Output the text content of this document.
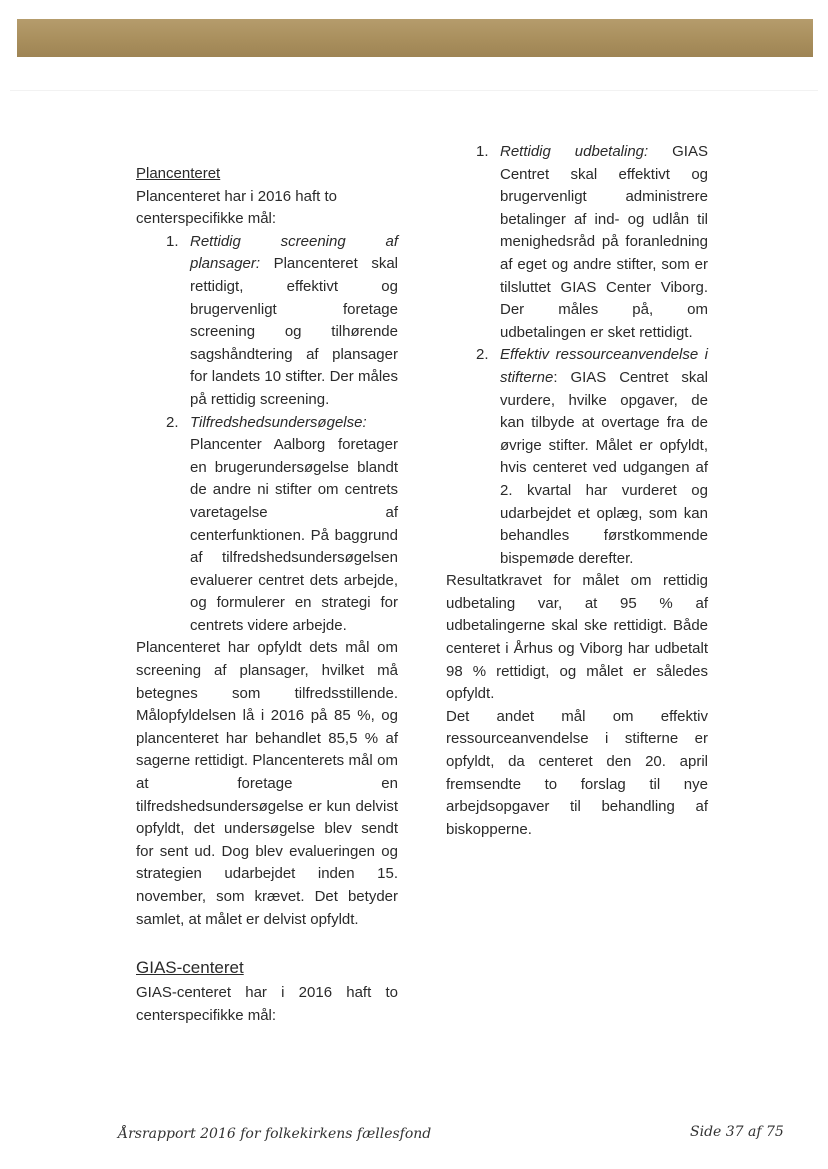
Plancenteret

Plancenteret har i 2016 haft to centerspecifikke mål:

1. Rettidig screening af plansager: Plancenteret skal rettidigt, effektivt og brugervenligt foretage screening og tilhørende sagshåndtering af plansager for landets 10 stifter. Der måles på rettidig screening.
2. Tilfredshedsundersøgelse: Plancenter Aalborg foretager en brugerundersøgelse blandt de andre ni stifter om centrets varetagelse af centerfunktionen. På baggrund af tilfredshedsundersøgelsen evaluerer centret dets arbejde, og formulerer en strategi for centrets videre arbejde.

Plancenteret har opfyldt dets mål om screening af plansager, hvilket må betegnes som tilfredsstillende. Målopfyldelsen lå i 2016 på 85 %, og plancenteret har behandlet 85,5 % af sagerne rettidigt. Plancenterets mål om at foretage en tilfredshedsundersøgelse er kun delvist opfyldt, det undersøgelse blev sendt for sent ud. Dog blev evalueringen og strategien udarbejdet inden 15. november, som krævet. Det betyder samlet, at målet er delvist opfyldt.

GIAS-centeret

GIAS-centeret har i 2016 haft to centerspecifikke mål:

1. Rettidig udbetaling: GIAS Centret skal effektivt og brugervenligt administrere betalinger af ind- og udlån til menighedsråd på foranledning af eget og andre stifter, som er tilsluttet GIAS Center Viborg. Der måles på, om udbetalingen er sket rettidigt.
2. Effektiv ressourceanvendelse i stifterne: GIAS Centret skal vurdere, hvilke opgaver, de kan tilbyde at overtage fra de øvrige stifter. Målet er opfyldt, hvis centeret ved udgangen af 2. kvartal har vurderet og udarbejdet et oplæg, som kan behandles førstkommende bispemøde derefter.

Resultatkravet for målet om rettidig udbetaling var, at 95 % af udbetalingerne skal ske rettidigt. Både centeret i Århus og Viborg har udbetalt 98 % rettidigt, og målet er således opfyldt.

Det andet mål om effektiv ressourceanvendelse i stifterne er opfyldt, da centeret den 20. april fremsendte to forslag til nye arbejdsopgaver til behandling af biskopperne.

Årsrapport 2016 for folkekirkens fællesfond	Side 37 af 75
